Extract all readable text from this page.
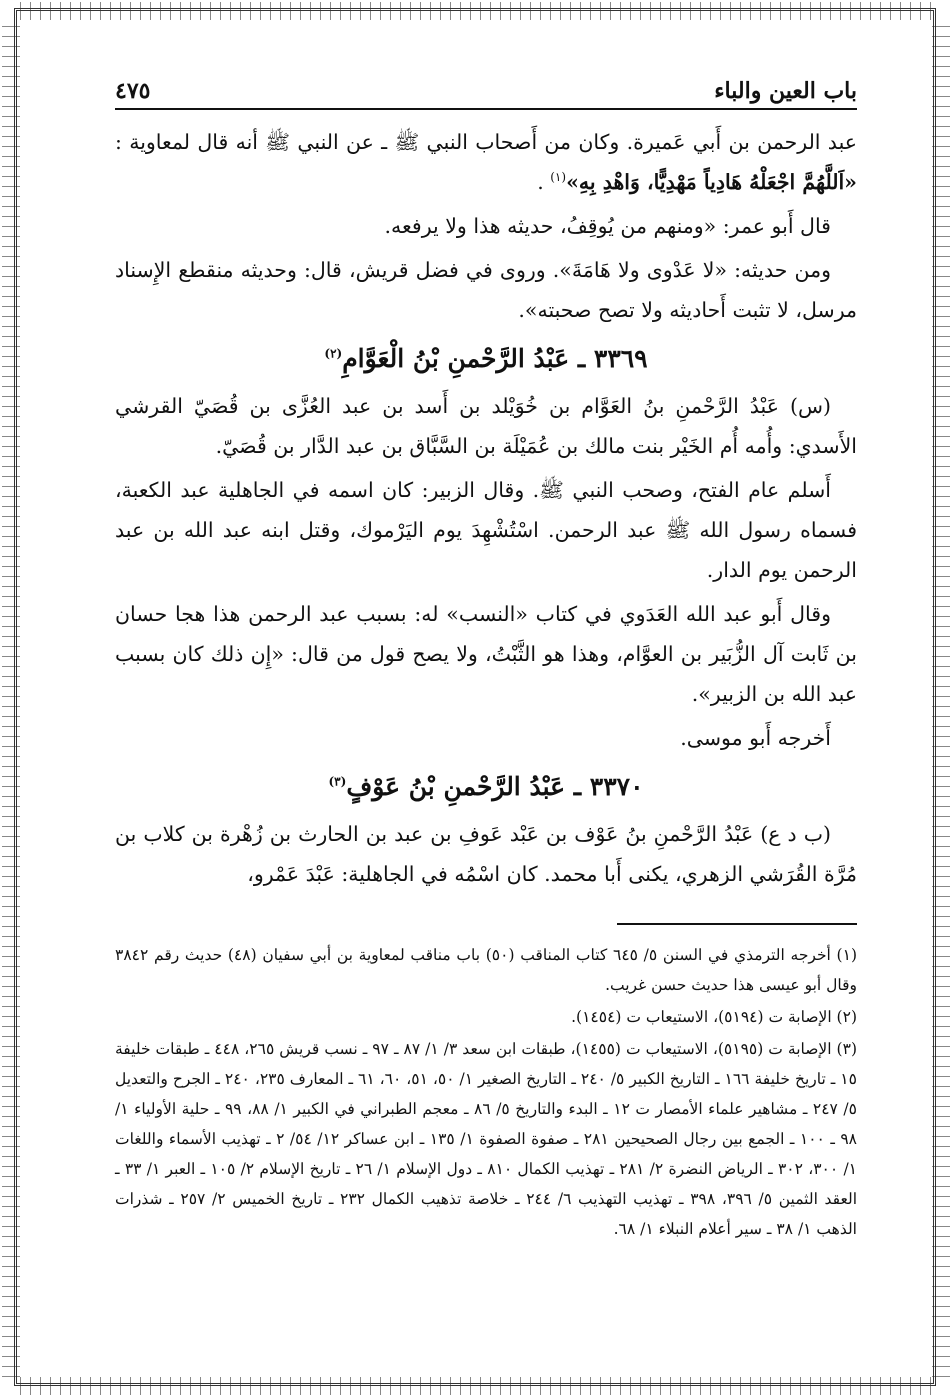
باب العين والباء
٤٧٥

عبد الرحمن بن أَبي عَميرة. وكان من أَصحاب النبي ﷺ ـ عن النبي ﷺ أنه قال لمعاوية : «اَللَّهُمَّ اجْعَلْهُ هَادِياً مَهْدِيًّا، وَاهْدِ بِهِ»$^{(١)}$ .

قال أَبو عمر: «ومنهم من يُوقِفُ، حديثه هذا ولا يرفعه.

ومن حديثه: «لا عَدْوى ولا هَامَةَ». وروى في فضل قريش، قال: وحديثه منقطع الإِسناد مرسل، لا تثبت أَحاديثه ولا تصح صحبته».

٣٣٦٩ ـ عَبْدُ الرَّحْمنِ بْنُ الْعَوَّامِ$^{(٢)}$

(س) عَبْدُ الرَّحْمنِ بنُ العَوَّام بن خُوَيْلد بن أَسد بن عبد العُزَّى بن قُصَيّ القرشي الأَسدي: وأُمه أُم الخَيْر بنت مالك بن عُمَيْلَة بن السَّبَّاق بن عبد الدَّار بن قُصَيّ.

أَسلم عام الفتح، وصحب النبي ﷺ. وقال الزبير: كان اسمه في الجاهلية عبد الكعبة، فسماه رسول الله ﷺ عبد الرحمن. اسْتُشْهِدَ يوم اليَرْموك، وقتل ابنه عبد الله بن عبد الرحمن يوم الدار.

وقال أَبو عبد الله العَدَوي في كتاب «النسب» له: بسبب عبد الرحمن هذا هجا حسان بن ثَابت آل الزُّبَير بن العوَّام، وهذا هو الثَّبْتُ، ولا يصح قول من قال: «إِن ذلك كان بسبب عبد الله بن الزبير».

أَخرجه أَبو موسى.

٣٣٧٠ ـ عَبْدُ الرَّحْمنِ بْنُ عَوْفٍ$^{(٣)}$

(ب د ع) عَبْدُ الرَّحْمنِ بنُ عَوْف بن عَبْد عَوفِ بن عبد بن الحارث بن زُهْرة بن كلاب بن مُرَّة القُرَشي الزهري، يكنى أَبا محمد. كان اسْمُه في الجاهلية: عَبْدَ عَمْرو،

(١) أخرجه الترمذي في السنن ٥/ ٦٤٥ كتاب المناقب (٥٠) باب مناقب لمعاوية بن أبي سفيان (٤٨) حديث رقم ٣٨٤٢ وقال أبو عيسى هذا حديث حسن غريب.

(٢) الإصابة ت (٥١٩٤)، الاستيعاب ت (١٤٥٤).

(٣) الإصابة ت (٥١٩٥)، الاستيعاب ت (١٤٥٥)، طبقات ابن سعد ٣/ ١/ ٨٧ ـ ٩٧ ـ نسب قريش ٢٦٥، ٤٤٨ ـ طبقات خليفة ١٥ ـ تاريخ خليفة ١٦٦ ـ التاريخ الكبير ٥/ ٢٤٠ ـ التاريخ الصغير ١/ ٥٠، ٥١، ٦٠، ٦١ ـ المعارف ٢٣٥، ٢٤٠ ـ الجرح والتعديل ٥/ ٢٤٧ ـ مشاهير علماء الأمصار ت ١٢ ـ البدء والتاريخ ٥/ ٨٦ ـ معجم الطبراني في الكبير ١/ ٨٨، ٩٩ ـ حلية الأولياء ١/ ٩٨ ـ ١٠٠ ـ الجمع بين رجال الصحيحين ٢٨١ ـ صفوة الصفوة ١/ ١٣٥ ـ ابن عساكر ١٢/ ٥٤/ ٢ ـ تهذيب الأسماء واللغات ١/ ٣٠٠، ٣٠٢ ـ الرياض النضرة ٢/ ٢٨١ ـ تهذيب الكمال ٨١٠ ـ دول الإسلام ١/ ٢٦ ـ تاريخ الإسلام ٢/ ١٠٥ ـ العبر ١/ ٣٣ ـ العقد الثمين ٥/ ٣٩٦، ٣٩٨ ـ تهذيب التهذيب ٦/ ٢٤٤ ـ خلاصة تذهيب الكمال ٢٣٢ ـ تاريخ الخميس ٢/ ٢٥٧ ـ شذرات الذهب ١/ ٣٨ ـ سير أعلام النبلاء ١/ ٦٨.
